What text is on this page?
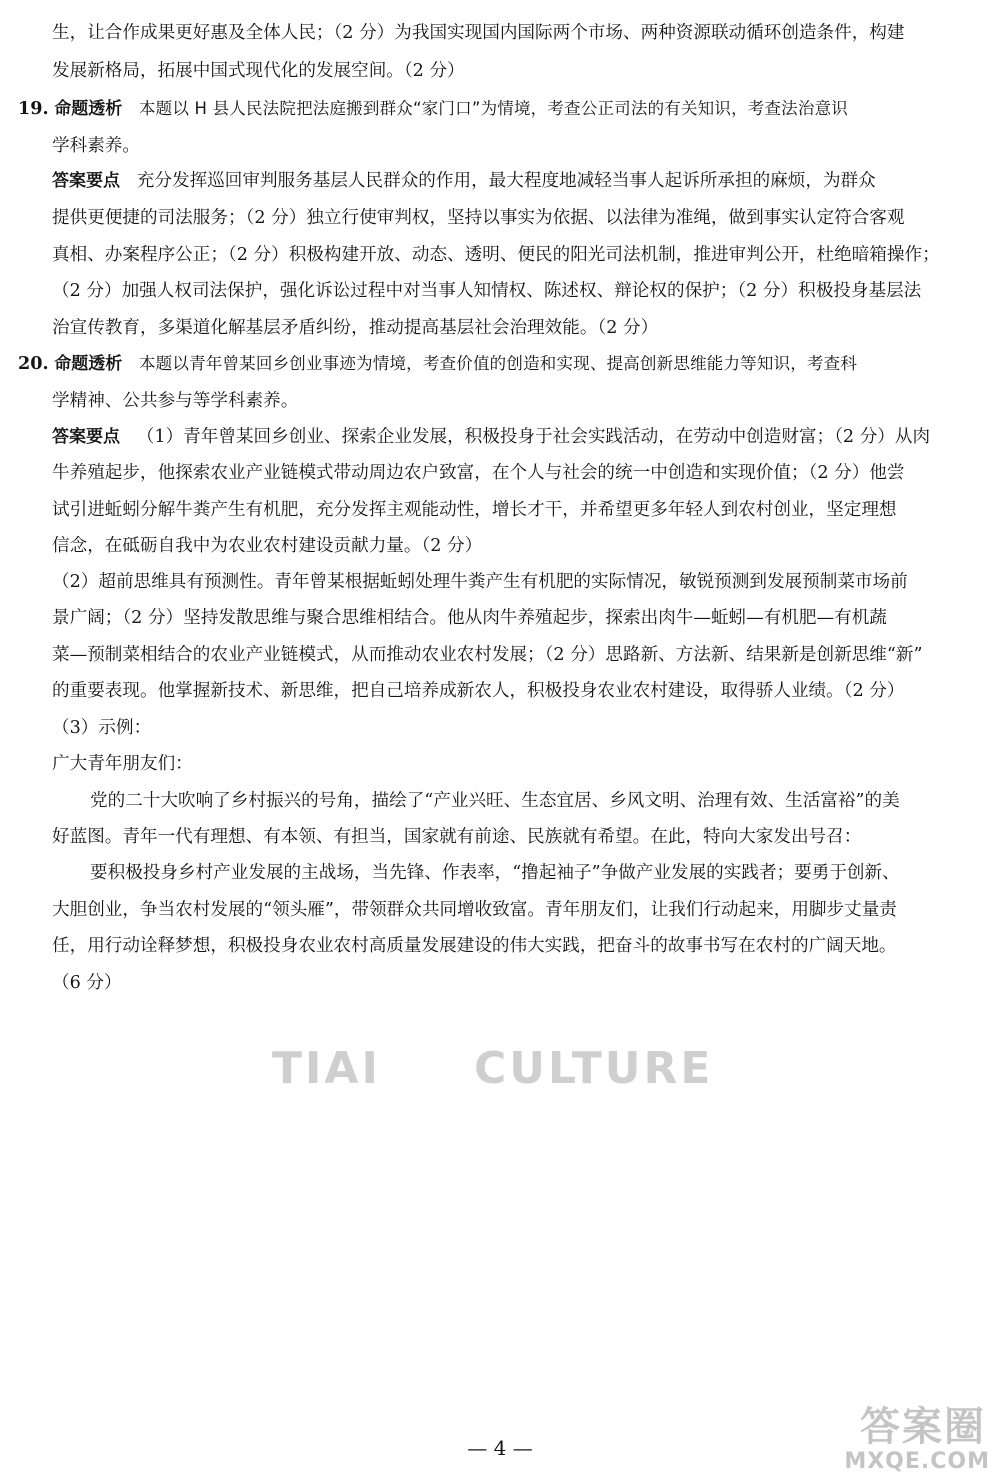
生，让合作成果更好惠及全体人民；（2 分）为我国实现国内国际两个市场、两种资源联动循环创造条件，构建
发展新格局，拓展中国式现代化的发展空间。（2 分）
19. 命题透析 本题以 H 县人民法院把法庭搬到群众“家门口”为情境，考查公正司法的有关知识，考查法治意识
学科素养。
答案要点 充分发挥巡回审判服务基层人民群众的作用，最大程度地减轻当事人起诉所承担的麻烦，为群众
提供更便捷的司法服务；（2 分）独立行使审判权，坚持以事实为依据、以法律为准绳，做到事实认定符合客观
真相、办案程序公正；（2 分）积极构建开放、动态、透明、便民的阳光司法机制，推进审判公开，杜绝暗箱操作；
（2 分）加强人权司法保护，强化诉讼过程中对当事人知情权、陈述权、辩论权的保护；（2 分）积极投身基层法
治宣传教育，多渠道化解基层矛盾纠纷，推动提高基层社会治理效能。（2 分）
20. 命题透析 本题以青年曾某回乡创业事迹为情境，考查价值的创造和实现、提高创新思维能力等知识，考查科
学精神、公共参与等学科素养。
答案要点 （1）青年曾某回乡创业、探索企业发展，积极投身于社会实践活动，在劳动中创造财富；（2 分）从肉
牛养殖起步，他探索农业产业链模式带动周边农户致富，在个人与社会的统一中创造和实现价值；（2 分）他尝
试引进蚯蚓分解牛粪产生有机肥，充分发挥主观能动性，增长才干，并希望更多年轻人到农村创业，坚定理想
信念，在砥砺自我中为农业农村建设贡献力量。（2 分）
（2）超前思维具有预测性。青年曾某根据蚯蚓处理牛粪产生有机肥的实际情况，敏锐预测到发展预制菜市场前
景广阔；（2 分）坚持发散思维与聚合思维相结合。他从肉牛养殖起步，探索出肉牛—蚯蚓—有机肥—有机蔬
菜—预制菜相结合的农业产业链模式，从而推动农业农村发展；（2 分）思路新、方法新、结果新是创新思维“新”
的重要表现。他掌握新技术、新思维，把自己培养成新农人，积极投身农业农村建设，取得骄人业绩。（2 分）
（3）示例：
广大青年朋友们：
党的二十大吹响了乡村振兴的号角，描绘了“产业兴旺、生态宜居、乡风文明、治理有效、生活富裕”的美
好蓝图。青年一代有理想、有本领、有担当，国家就有前途、民族就有希望。在此，特向大家发出号召：
要积极投身乡村产业发展的主战场，当先锋、作表率，“撸起袖子”争做产业发展的实践者；要勇于创新、
大胆创业，争当农村发展的“领头雁”，带领群众共同增收致富。青年朋友们，让我们行动起来，用脚步丈量责
任，用行动诠释梦想，积极投身农业农村高质量发展建设的伟大实践，把奋斗的故事书写在农村的广阔天地。
（6 分）
TIAI CULTURE
— 4 —	答案圈
MXQE.COM
